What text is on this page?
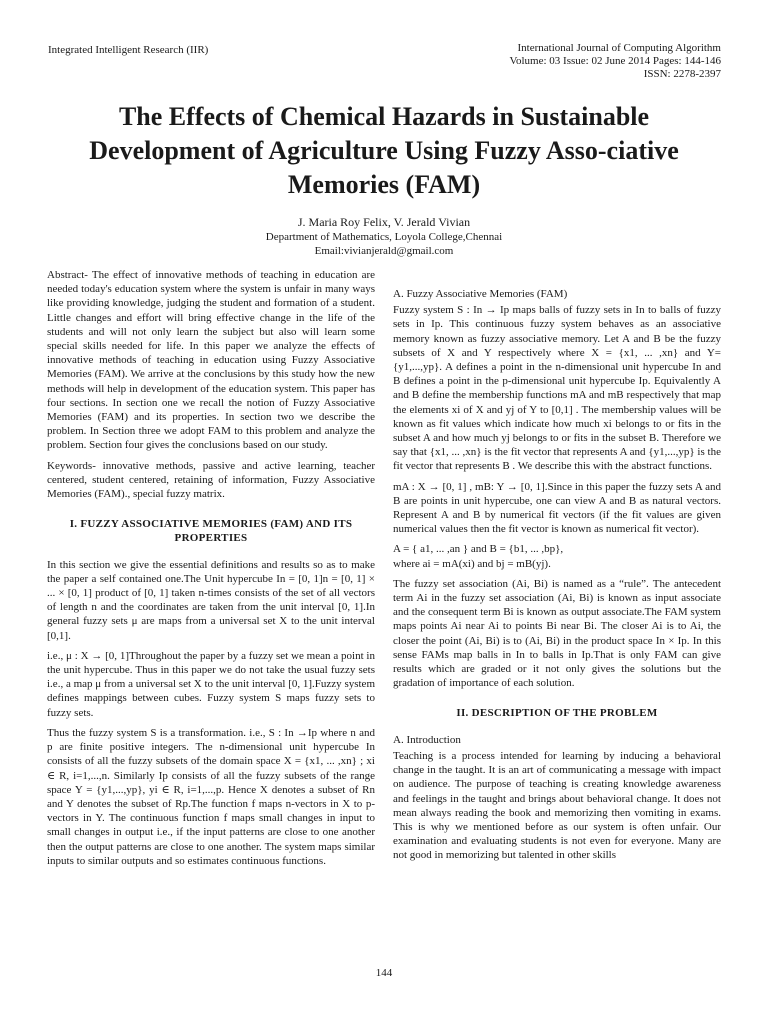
Integrated Intelligent Research (IIR)	International Journal of Computing Algorithm
Volume: 03 Issue: 02 June 2014 Pages: 144-146
ISSN: 2278-2397
The Effects of Chemical Hazards in Sustainable Development of Agriculture Using Fuzzy Asso-ciative Memories (FAM)
J. Maria Roy Felix, V. Jerald Vivian
Department of Mathematics, Loyola College,Chennai
Email:vivianjerald@gmail.com

Abstract- The effect of innovative methods of teaching in education are needed today's education system where the system is unfair in many ways like providing knowledge, judging the student and formation of a student. Little changes and effort will bring effective change in the life of the students and will not only learn the subject but also will learn some special skills needed for life. In this paper we analyze the effects of innovative methods of teaching in education using Fuzzy Associative Memories (FAM). We arrive at the conclusions by this study how the new methods will help in development of the education system. This paper has four sections. In section one we recall the notion of Fuzzy Associative Memories (FAM) and its properties. In section two we describe the problem. In Section three we adopt FAM to this problem and analyze the problem. Section four gives the conclusions based on our study.

Keywords- innovative methods, passive and active learning, teacher centered, student centered, retaining of information, Fuzzy Associative Memories (FAM)., special fuzzy matrix.

I. FUZZY ASSOCIATIVE MEMORIES (FAM) AND ITS PROPERTIES

In this section we give the essential definitions and results so as to make the paper a self contained one.The Unit hypercube In = [0, 1]n = [0, 1] × ... × [0, 1] product of [0, 1] taken n-times consists of the set of all vectors of length n and the coordinates are taken from the unit interval [0, 1].In general fuzzy sets μ are maps from a universal set X to the unit interval [0,1].

i.e., μ : X → [0, 1]Throughout the paper by a fuzzy set we mean a point in the unit hypercube. Thus in this paper we do not take the usual fuzzy sets i.e., a map μ from a universal set X to the unit interval [0, 1].Fuzzy system defines mappings between cubes. Fuzzy system S maps fuzzy sets to fuzzy sets.

Thus the fuzzy system S is a transformation. i.e., S : In →Ip where n and p are finite positive integers. The n-dimensional unit hypercube In consists of all the fuzzy subsets of the domain space X = {x1, ... ,xn} ; xi ∈ R, i=1,...,n. Similarly Ip consists of all the fuzzy subsets of the range space Y = {y1,...,yp}, yi ∈ R, i=1,...,p. Hence X denotes a subset of Rn and Y denotes the subset of Rp.The function f maps n-vectors in X to p-vectors in Y. The continuous function f maps small changes in input to small changes in output i.e., if the input patterns are close to one another then the output patterns are close to one another. The system maps similar inputs to similar outputs and so estimates continuous functions.

A. Fuzzy Associative Memories (FAM)

Fuzzy system S : In → Ip maps balls of fuzzy sets in In to balls of fuzzy sets in Ip. This continuous fuzzy system behaves as an associative memory known as fuzzy associative memory. Let A and B be the fuzzy subsets of X and Y respectively where X = {x1, ... ,xn} and Y= {y1,...,yp}. A defines a point in the n-dimensional unit hypercube In and B defines a point in the p-dimensional unit hypercube Ip. Equivalently A and B define the membership functions mA and mB respectively that map the elements xi of X and yj of Y to [0,1] . The membership values will be known as fit values which indicate how much xi belongs to or fits in the subset A and how much yj belongs to or fits in the subset B. Therefore we say that {x1, ... ,xn} is the fit vector that represents A and {y1,...,yp} is the fit vector that represents B . We describe this with the abstract functions.

mA : X → [0, 1] , mB: Y → [0, 1].Since in this paper the fuzzy sets A and B are points in unit hypercube, one can view A and B as natural vectors. Represent A and B by numerical fit vectors (if the fit values are given numerical values then the fit vector is known as numerical fit vector).

A = { a1, ... ,an } and B = {b1, ... ,bp},

where ai = mA(xi) and bj = mB(yj).

The fuzzy set association (Ai, Bi) is named as a “rule”. The antecedent term Ai in the fuzzy set association (Ai, Bi) is known as input associate and the consequent term Bi is known as output associate.The FAM system maps points Ai near Ai to points Bi near Bi. The closer Ai is to Ai, the closer the point (Ai, Bi) is to (Ai, Bi) in the product space In × Ip. In this sense FAMs map balls in In to balls in Ip.That is only FAM can give results which are graded or it not only gives the solutions but the gradation of importance of each solution.

II. DESCRIPTION OF THE PROBLEM
A. Introduction

Teaching is a process intended for learning by inducing a behavioral change in the taught. It is an art of communicating a message with impact on audience. The purpose of teaching is creating knowledge awareness and feelings in the taught and brings about behavioral change. It does not mean always reading the book and memorizing then vomiting in exams. This is why we mentioned before as our system is often unfair. Our examination and evaluating students is not even for everyone. Many are not good in memorizing but talented in other skills

144
